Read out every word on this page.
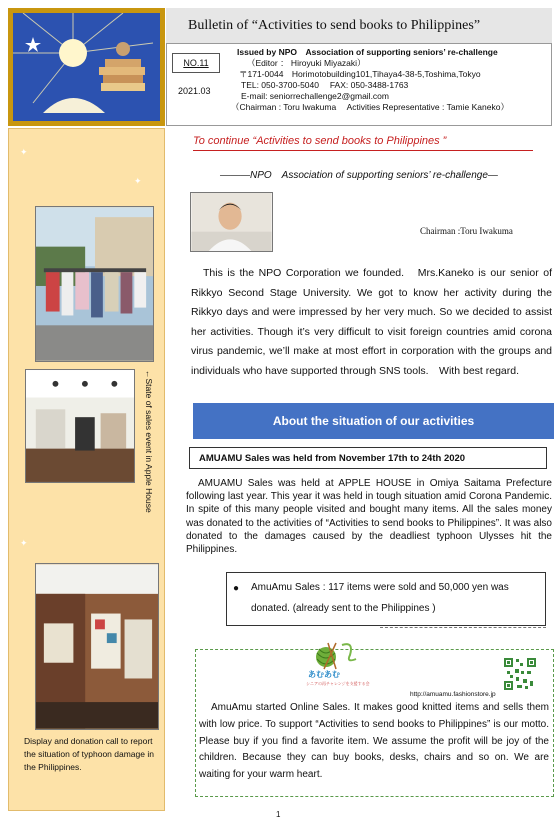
Bulletin of “Activities to send books to Philippines”
Issued by NPO　Association of supporting seniors’ re-challenge
（Editor ： Hiroyuki Miyazaki）
〒171-0044　Horimotobuilding101,Tihaya4-38-5,Toshima,Tokyo
TEL: 050-3700-5040　 FAX: 050-3488-1763
E-mail: seniorrechallenge2@gmail.com
（Chairman : Toru Iwakuma　 Activities Representative : Tamie Kaneko）
NO.11
2021.03
✦
✦
✦
←State of sales event in Apple House
Display and donation call to report the situation of typhoon damage in the Philippines.
To continue “Activities to send books to Philippines ”
―――NPO　Association of supporting seniors’ re-challenge―
Chairman :Toru Iwakuma
This is the NPO Corporation we founded.　Mrs.Kaneko is our senior of Rikkyo Second Stage University. We got to know her activity during the Rikkyo days and were impressed by her very much. So we decided to assist her activities. Though it’s very difficult to visit foreign countries amid corona virus pandemic, we’ll make at most effort in corporation with the groups and individuals who have supported through SNS tools.　With best regard.
About the situation of our activities
AMUAMU Sales was held from November 17th to 24th 2020
AMUAMU Sales was held at APPLE HOUSE in Omiya Saitama Prefecture following last year. This year it was held in tough situation amid Corona Pandemic. In spite of this many people visited and bought many items. All the sales money was donated to the activities of “Activities to send books to Philippines”. It was also donated to the damages caused by the deadliest typhoon Ulysses hit the Philippines.
● AmuAmu Sales : 117 items were sold and 50,000 yen was donated. (already sent to the Philippines )
あむあむ
シニアの再チャレンジを支援する会
http://amuamu.fashionstore.jp
AmuAmu started Online Sales. It makes good knitted items and sells them with low price. To support “Activities to send books to Philippines” is our motto. Please buy if you find a favorite item. We assume the profit will be joy of the children. Because they can buy books, desks, chairs and so on. We are waiting for your warm heart.
1
